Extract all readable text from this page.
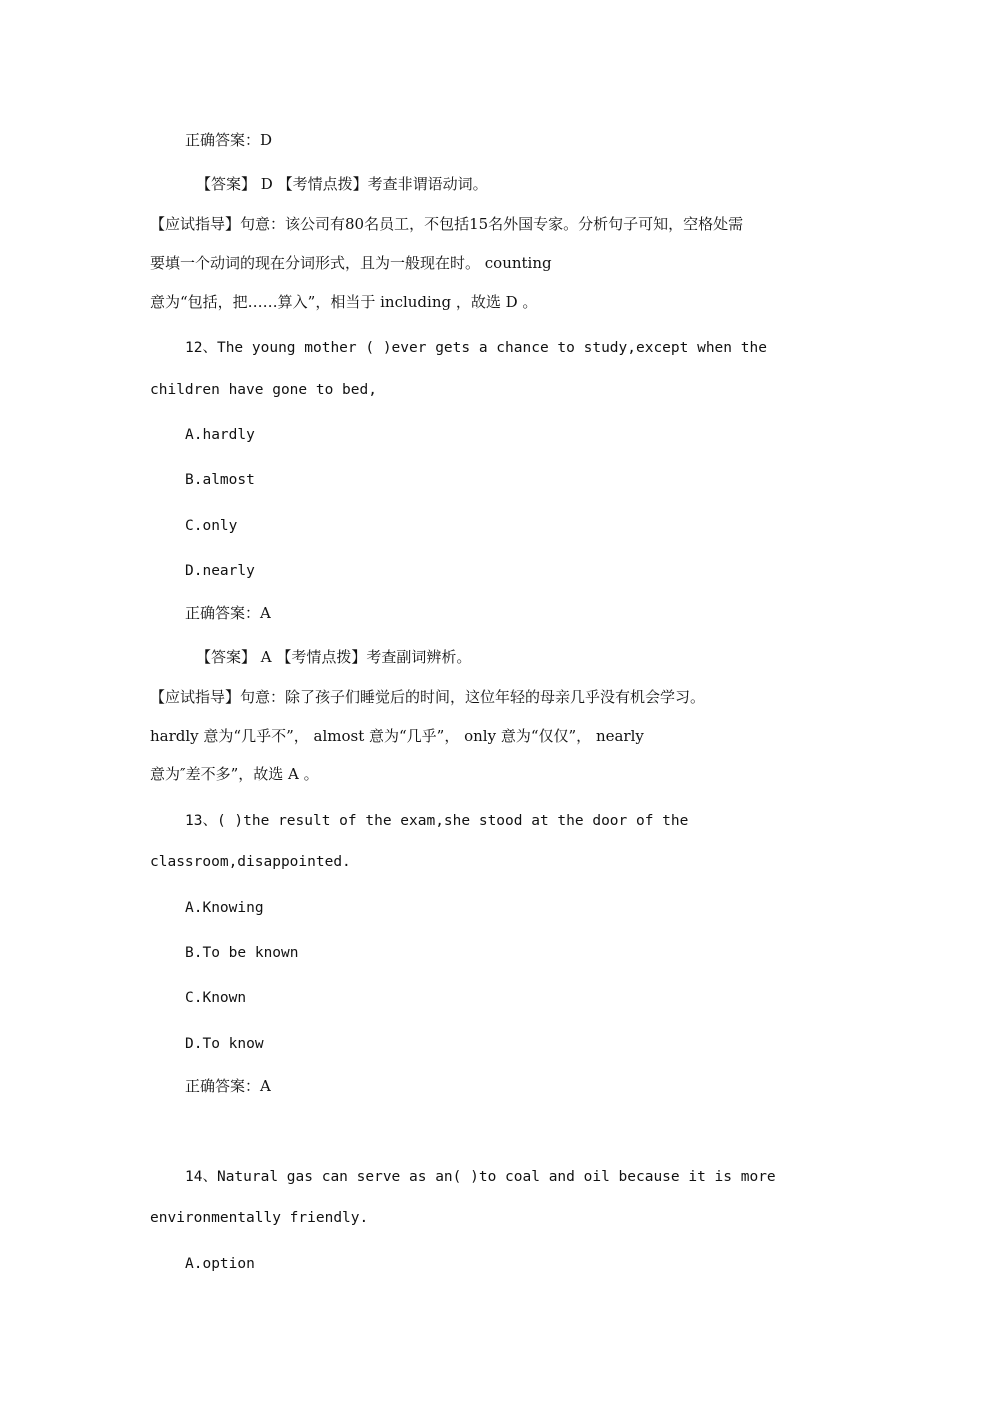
正确答案：D
【答案】 D 【考情点拨】考查非谓语动词。
【应试指导】句意：该公司有80名员工，不包括15名外国专家。分析句子可知，空格处需
要填一个动词的现在分词形式，且为一般现在时。 counting
意为“包括，把……算入”，相当于 including ，故选 D 。
12、The young mother ( )ever gets a chance to study,except when the
children have gone to bed,
A.hardly
B.almost
C.only
D.nearly
正确答案：A
【答案】 A 【考情点拨】考查副词辨析。
【应试指导】句意：除了孩子们睡觉后的时间，这位年轻的母亲几乎没有机会学习。
hardly 意为“几乎不”， almost 意为“几乎”， only 意为“仅仅”， nearly
意为″差不多”，故选 A 。
13、( )the result of the exam,she stood at the door of the
classroom,disappointed.
A.Knowing
B.To be known
C.Known
D.To know
正确答案：A
14、Natural gas can serve as an( )to coal and oil because it is more
environmentally friendly.
A.option
